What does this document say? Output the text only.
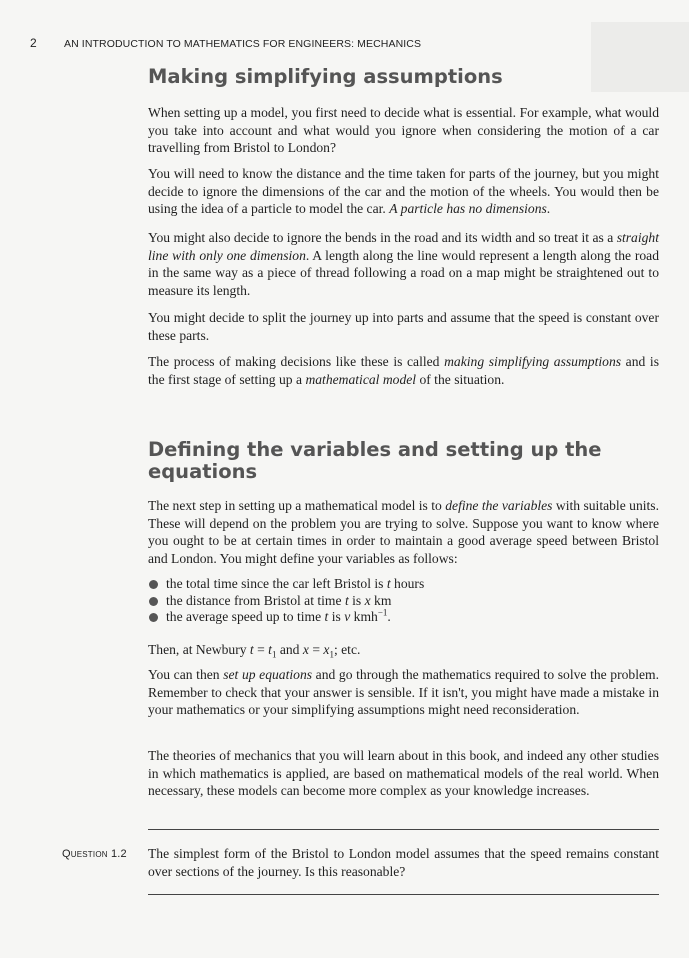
2	AN INTRODUCTION TO MATHEMATICS FOR ENGINEERS: MECHANICS
Making simplifying assumptions

When setting up a model, you first need to decide what is essential. For example, what would you take into account and what would you ignore when considering the motion of a car travelling from Bristol to London?

You will need to know the distance and the time taken for parts of the journey, but you might decide to ignore the dimensions of the car and the motion of the wheels. You would then be using the idea of a particle to model the car. A particle has no dimensions.

You might also decide to ignore the bends in the road and its width and so treat it as a straight line with only one dimension. A length along the line would represent a length along the road in the same way as a piece of thread following a road on a map might be straightened out to measure its length.

You might decide to split the journey up into parts and assume that the speed is constant over these parts.

The process of making decisions like these is called making simplifying assumptions and is the first stage of setting up a mathematical model of the situation.

Defining the variables and setting up the equations

The next step in setting up a mathematical model is to define the variables with suitable units. These will depend on the problem you are trying to solve. Suppose you want to know where you ought to be at certain times in order to maintain a good average speed between Bristol and London. You might define your variables as follows:

the total time since the car left Bristol is t hours
the distance from Bristol at time t is x km
the average speed up to time t is v kmh$^{-1}$.

Then, at Newbury $t = t_1$ and $x = x_1$; etc.

You can then set up equations and go through the mathematics required to solve the problem. Remember to check that your answer is sensible. If it isn't, you might have made a mistake in your mathematics or your simplifying assumptions might need reconsideration.

The theories of mechanics that you will learn about in this book, and indeed any other studies in which mathematics is applied, are based on mathematical models of the real world. When necessary, these models can become more complex as your knowledge increases.

Question 1.2 The simplest form of the Bristol to London model assumes that the speed remains constant over sections of the journey. Is this reasonable?
